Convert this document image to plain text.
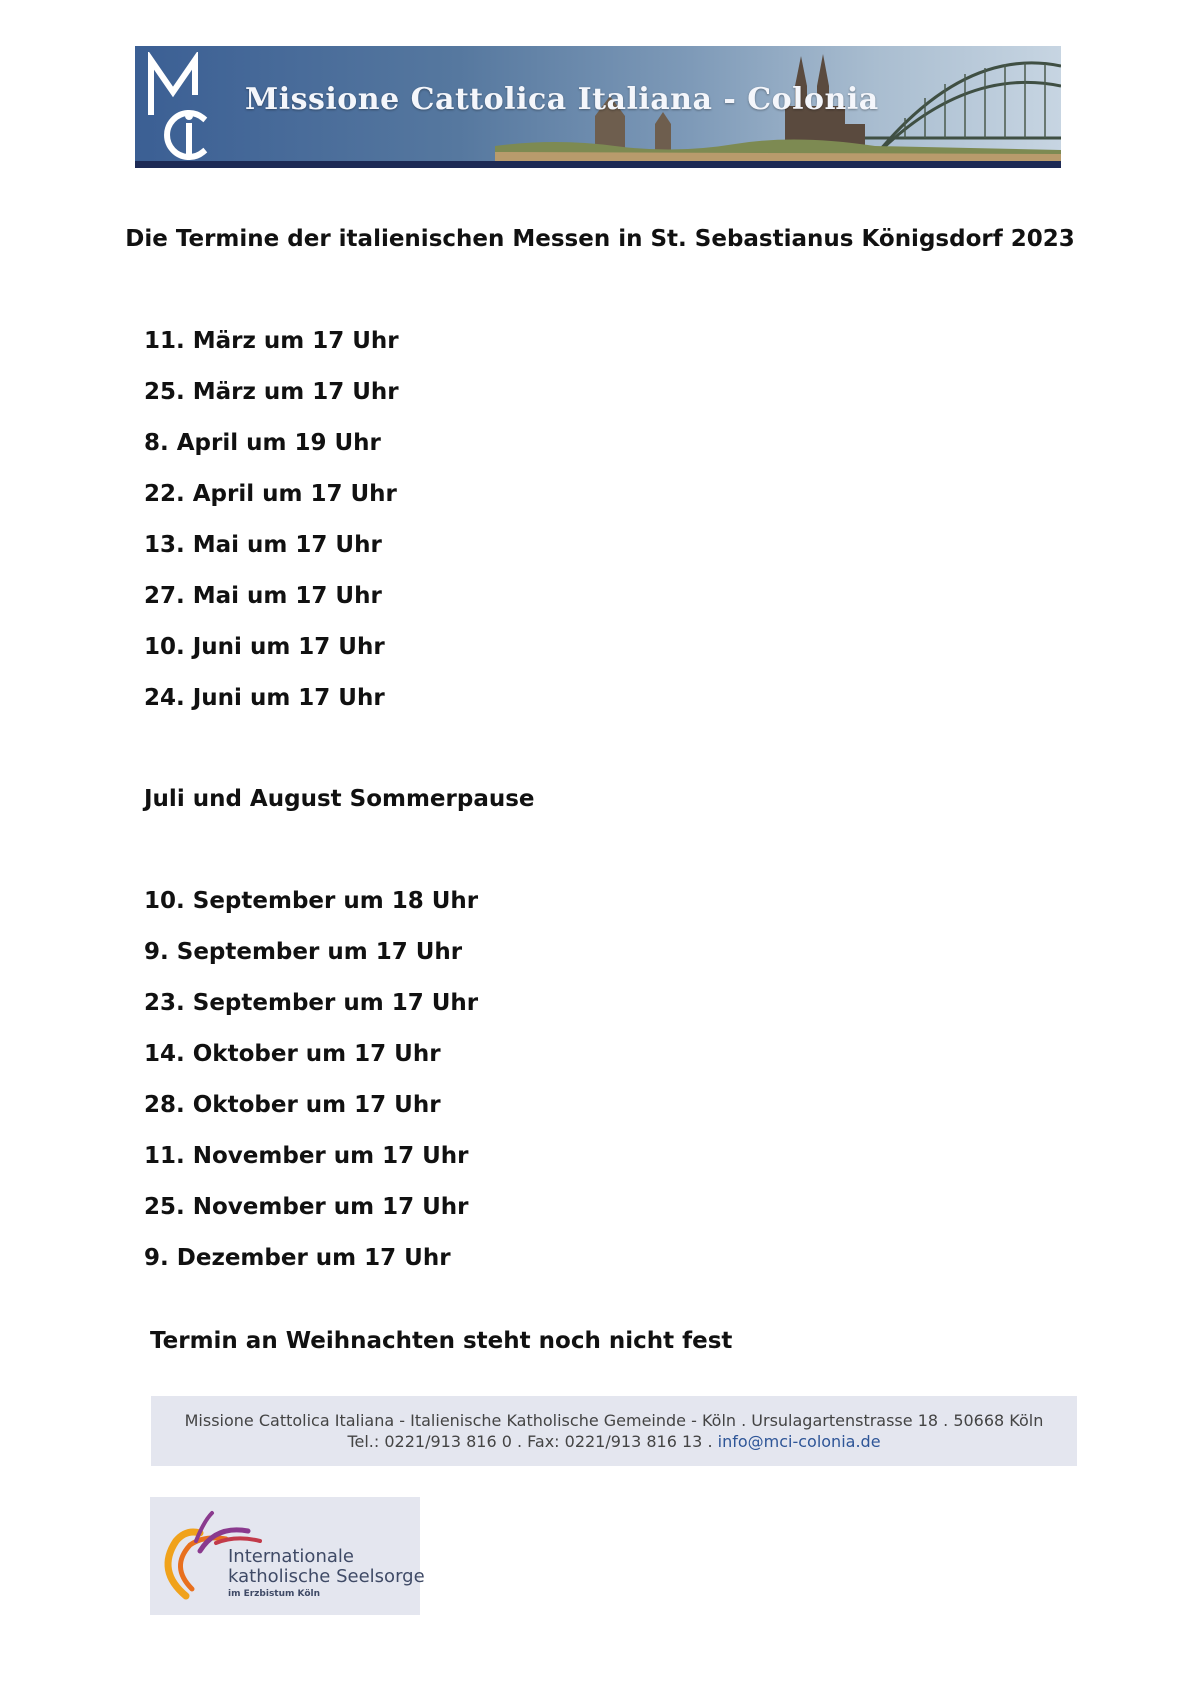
Missione Cattolica Italiana - Colonia
Die Termine der italienischen Messen in St. Sebastianus Königsdorf 2023
11. März um 17 Uhr
25. März um 17 Uhr
8. April um 19 Uhr
22. April um 17 Uhr
13. Mai um 17 Uhr
27. Mai um 17 Uhr
10. Juni um 17 Uhr
24. Juni um 17 Uhr
Juli und August Sommerpause
10. September um 18 Uhr
9. September um 17 Uhr
23. September um 17 Uhr
14. Oktober um 17 Uhr
28. Oktober um 17 Uhr
11. November um 17 Uhr
25. November um 17 Uhr
9. Dezember um 17 Uhr
Termin an Weihnachten steht noch nicht fest
Missione Cattolica Italiana - Italienische Katholische Gemeinde - Köln . Ursulagartenstrasse 18 . 50668 Köln
Tel.: 0221/913 816 0 . Fax: 0221/913 816 13 . info@mci-colonia.de
Internationale
katholische Seelsorge
im Erzbistum Köln
